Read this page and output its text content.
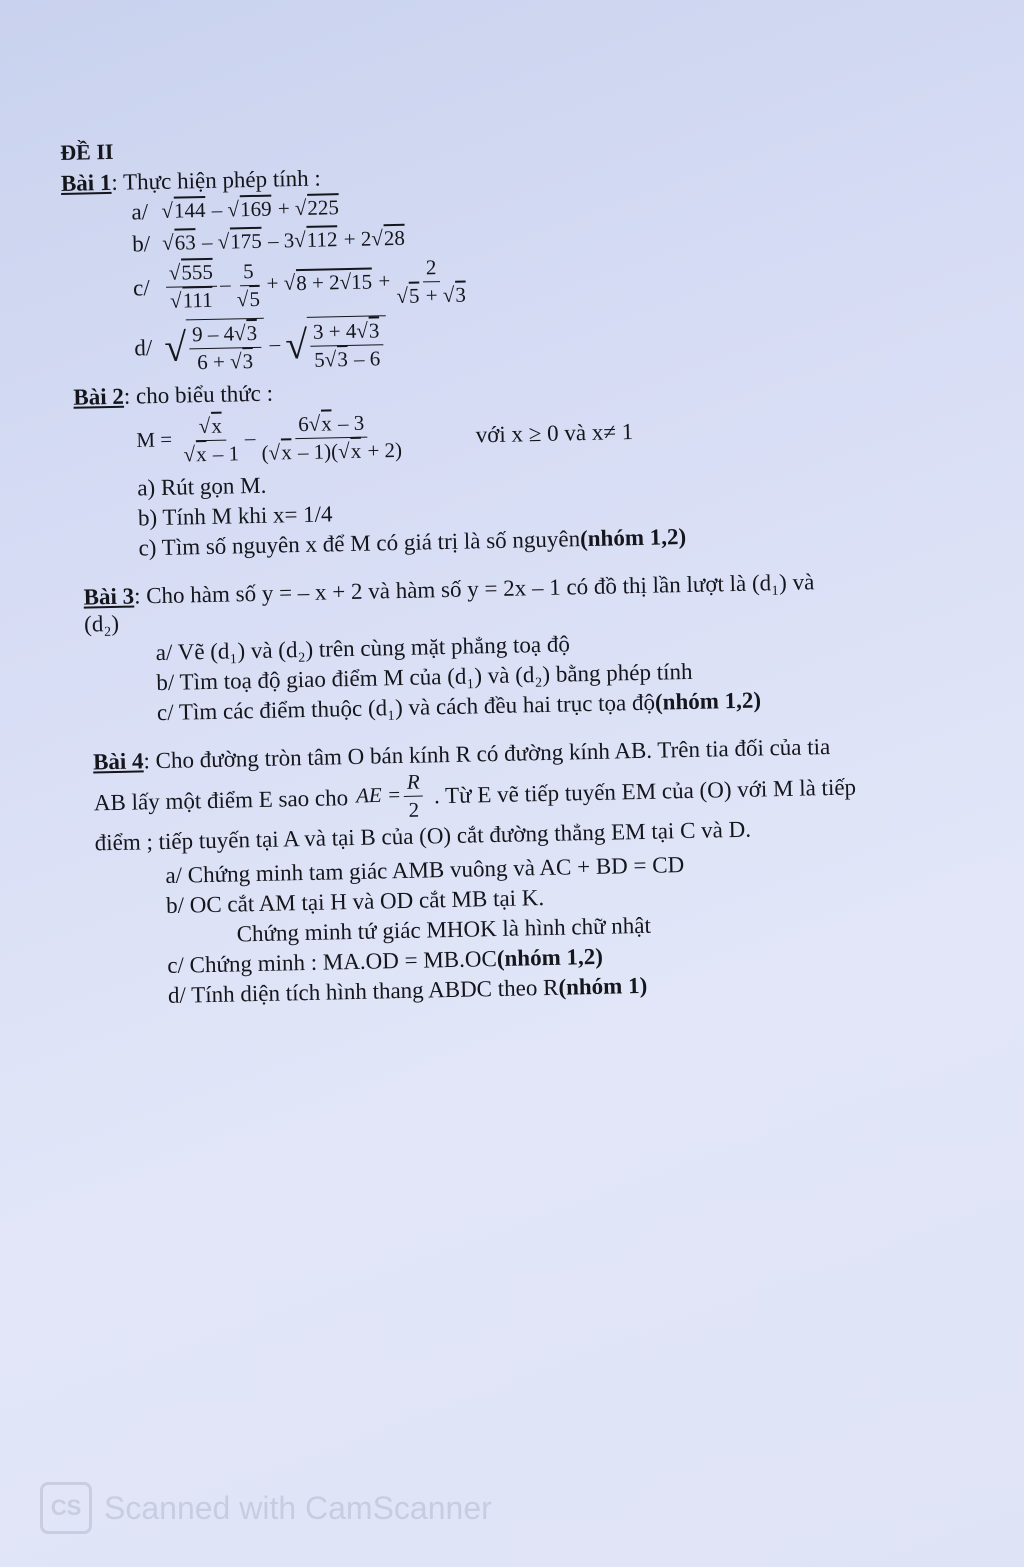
ĐỀ II
Bài 1 : Thực hiện phép tính :
a/ √144 – √169 + √225
b/ √63 – √175 – 3√112 + 2√28
$c/ \frac{√555}{√111} - \frac{5}{√5} + √8 + 2√15 + \frac{2}{√5 + √3}$
d/ √ $\frac{9 - 4√3}{6 + √3}$ – √ $\frac{3 + 4√3}{5√3 - 6}$
Bài 2 : cho biểu thức :
$M = \frac{√x}{√x - 1} - \frac{6√x - 3}{(√x - 1)(√x + 2)}$	với x ≥ 0 và x≠ 1
a) Rút gọn M.
b) Tính M khi x= 1/4
c) Tìm số nguyên x để M có giá trị là số nguyên(nhóm 1,2)
Bài 3 : Cho hàm số y = – x + 2 và hàm số y = 2x – 1 có đồ thị lần lượt là (d₁) và
(d₂)
a/ Vẽ (d₁) và (d₂) trên cùng mặt phẳng toạ độ
b/ Tìm toạ độ giao điểm M của (d₁) và (d₂) bằng phép tính
c/ Tìm các điểm thuộc (d₁) và cách đều hai trục tọa độ(nhóm 1,2)
Bài 4 : Cho đường tròn tâm O bán kính R có đường kính AB. Trên tia đối của tia
AB lấy một điểm E sao cho AE = $\frac{R}{2}$ . Từ E vẽ tiếp tuyến EM của (O) với M là tiếp
điểm ; tiếp tuyến tại A và tại B của (O) cắt đường thẳng EM tại C và D.
a/ Chứng minh tam giác AMB vuông và AC + BD = CD
b/ OC cắt AM tại H và OD cắt MB tại K.
Chứng minh tứ giác MHOK là hình chữ nhật
c/ Chứng minh : MA.OD = MB.OC(nhóm 1,2)
d/ Tính diện tích hình thang ABDC theo R(nhóm 1)
CS Scanned with CamScanner
